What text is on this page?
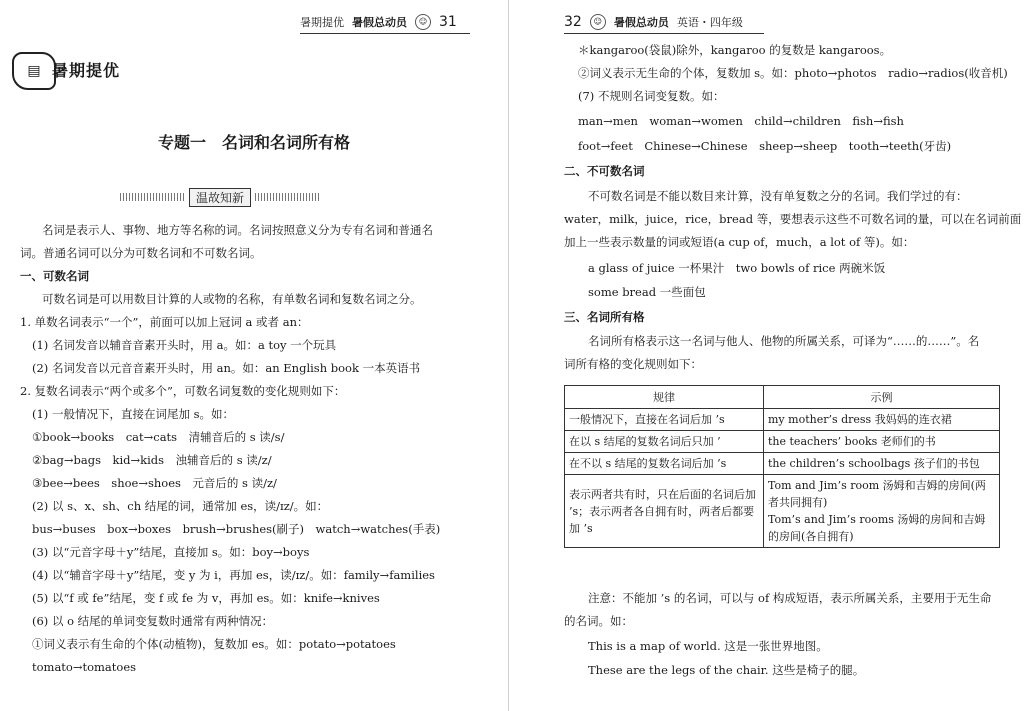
暑期提优 暑假总动员	☺ 31
▤ 暑期提优
专题一　名词和名词所有格
温故知新
名词是表示人、事物、地方等名称的词。名词按照意义分为专有名词和普通名
词。普通名词可以分为可数名词和不可数名词。
一、可数名词
可数名词是可以用数目计算的人或物的名称，有单数名词和复数名词之分。
1. 单数名词表示“一个”，前面可以加上冠词 a 或者 an：
(1) 名词发音以辅音音素开头时，用 a。如：a toy 一个玩具
(2) 名词发音以元音音素开头时，用 an。如：an English book 一本英语书
2. 复数名词表示“两个或多个”，可数名词复数的变化规则如下：
(1) 一般情况下，直接在词尾加 s。如：
①book→books　cat→cats　清辅音后的 s 读/s/
②bag→bags　kid→kids　浊辅音后的 s 读/z/
③bee→bees　shoe→shoes　元音后的 s 读/z/
(2) 以 s、x、sh、ch 结尾的词，通常加 es，读/ɪz/。如：
bus→buses　box→boxes　brush→brushes(刷子)　watch→watches(手表)
(3) 以“元音字母＋y”结尾，直接加 s。如：boy→boys
(4) 以“辅音字母＋y”结尾，变 y 为 i，再加 es，读/ɪz/。如：family→families
(5) 以“f 或 fe”结尾，变 f 或 fe 为 v，再加 es。如：knife→knives
(6) 以 o 结尾的单词变复数时通常有两种情况：
①词义表示有生命的个体(动植物)，复数加 es。如：potato→potatoes
tomato→tomatoes
32	☺	暑假总动员 英语・四年级
＊kangaroo(袋鼠)除外，kangaroo 的复数是 kangaroos。
②词义表示无生命的个体，复数加 s。如：photo→photos　radio→radios(收音机)
(7) 不规则名词变复数。如：
man→men　woman→women　child→children　fish→fish
foot→feet　Chinese→Chinese　sheep→sheep　tooth→teeth(牙齿)
二、不可数名词
不可数名词是不能以数目来计算，没有单复数之分的名词。我们学过的有：
water，milk，juice，rice，bread 等，要想表示这些不可数名词的量，可以在名词前面
加上一些表示数量的词或短语(a cup of，much，a lot of 等)。如：
a glass of juice 一杯果汁　two bowls of rice 两碗米饭
some bread 一些面包
三、名词所有格
名词所有格表示这一名词与他人、他物的所属关系，可译为“……的……”。名
词所有格的变化规则如下：
规律	示例
一般情况下，直接在名词后加 ’s	my mother’s dress 我妈妈的连衣裙
在以 s 结尾的复数名词后只加 ’	the teachers’ books 老师们的书
在不以 s 结尾的复数名词后加 ’s	the children’s schoolbags 孩子们的书包
表示两者共有时，只在后面的名词后加 ’s；表示两者各自拥有时，两者后都要加 ’s	Tom and Jim’s room 汤姆和吉姆的房间(两者共同拥有)
Tom’s and Jim’s rooms 汤姆的房间和吉姆的房间(各自拥有)
注意：不能加 ’s 的名词，可以与 of 构成短语，表示所属关系，主要用于无生命
的名词。如：
This is a map of world. 这是一张世界地图。
These are the legs of the chair. 这些是椅子的腿。
